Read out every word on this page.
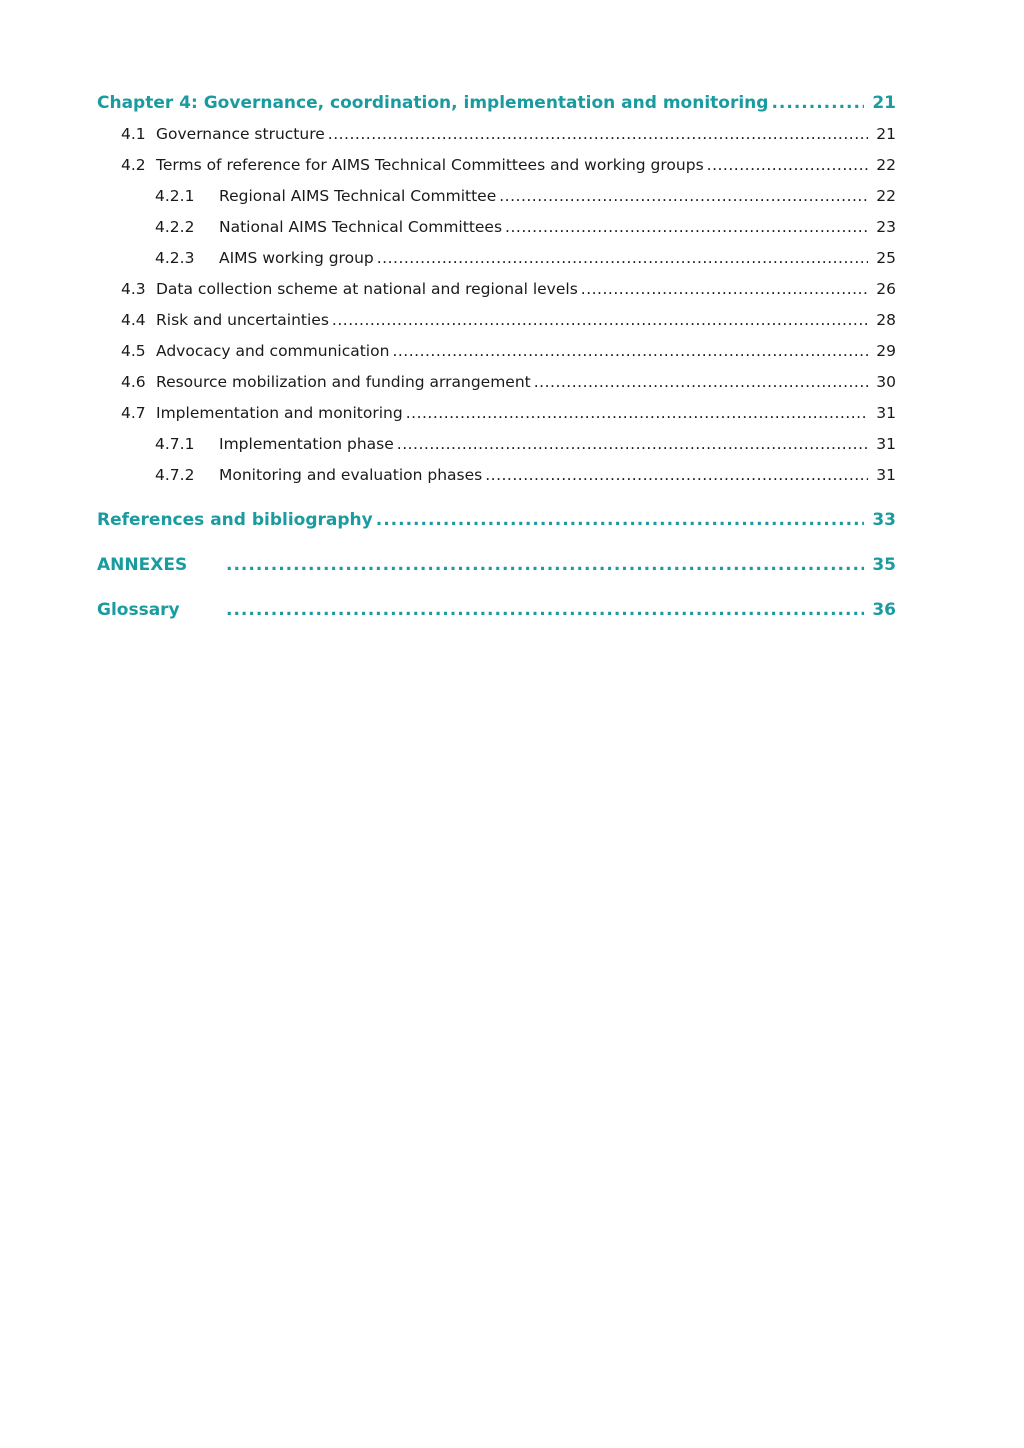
Chapter 4: Governance, coordination, implementation and monitoring .....	21
4.1 Governance structure .....	21
4.2 Terms of reference for AIMS Technical Committees and working groups .....	22
4.2.1	Regional AIMS Technical Committee .....	22
4.2.2	National AIMS Technical Committees .....	23
4.2.3	AIMS working group .....	25
4.3 Data collection scheme at national and regional levels .....	26
4.4 Risk and uncertainties .....	28
4.5 Advocacy and communication .....	29
4.6 Resource mobilization and funding arrangement .....	30
4.7 Implementation and monitoring .....	31
4.7.1	Implementation phase .....	31
4.7.2	Monitoring and evaluation phases .....	31
References and bibliography .....	33
ANNEXES .....	35
Glossary .....	36
